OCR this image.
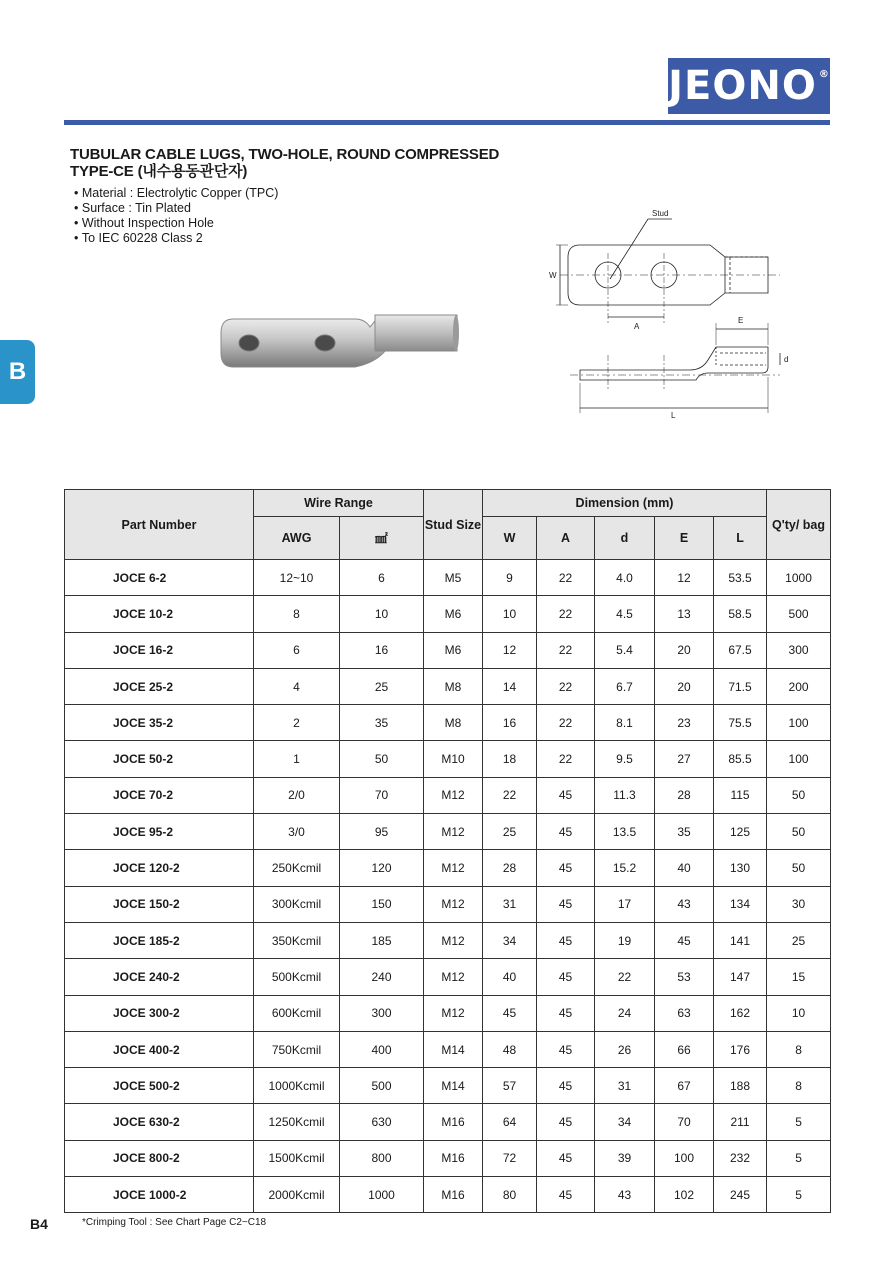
JEONO®
B
TUBULAR CABLE LUGS, TWO-HOLE, ROUND COMPRESSED
TYPE-CE (내수용동관단자)
• Material : Electrolytic Copper (TPC)
• Surface : Tin Plated
• Without Inspection Hole
• To IEC 60228 Class 2
Stud
W
A
E
d
L
Part Number	Wire Range		Stud Size	Dimension (mm)					Q'ty/ bag
	AWG	㎟		W	A	d	E	L	
JOCE 6-2	12~10	6	M5	9	22	4.0	12	53.5	1000
JOCE 10-2	8	10	M6	10	22	4.5	13	58.5	500
JOCE 16-2	6	16	M6	12	22	5.4	20	67.5	300
JOCE 25-2	4	25	M8	14	22	6.7	20	71.5	200
JOCE 35-2	2	35	M8	16	22	8.1	23	75.5	100
JOCE 50-2	1	50	M10	18	22	9.5	27	85.5	100
JOCE 70-2	2/0	70	M12	22	45	11.3	28	115	50
JOCE 95-2	3/0	95	M12	25	45	13.5	35	125	50
JOCE 120-2	250Kcmil	120	M12	28	45	15.2	40	130	50
JOCE 150-2	300Kcmil	150	M12	31	45	17	43	134	30
JOCE 185-2	350Kcmil	185	M12	34	45	19	45	141	25
JOCE 240-2	500Kcmil	240	M12	40	45	22	53	147	15
JOCE 300-2	600Kcmil	300	M12	45	45	24	63	162	10
JOCE 400-2	750Kcmil	400	M14	48	45	26	66	176	8
JOCE 500-2	1000Kcmil	500	M14	57	45	31	67	188	8
JOCE 630-2	1250Kcmil	630	M16	64	45	34	70	211	5
JOCE 800-2	1500Kcmil	800	M16	72	45	39	100	232	5
JOCE 1000-2	2000Kcmil	1000	M16	80	45	43	102	245	5
B4	*Crimping Tool : See Chart Page C2~C18
